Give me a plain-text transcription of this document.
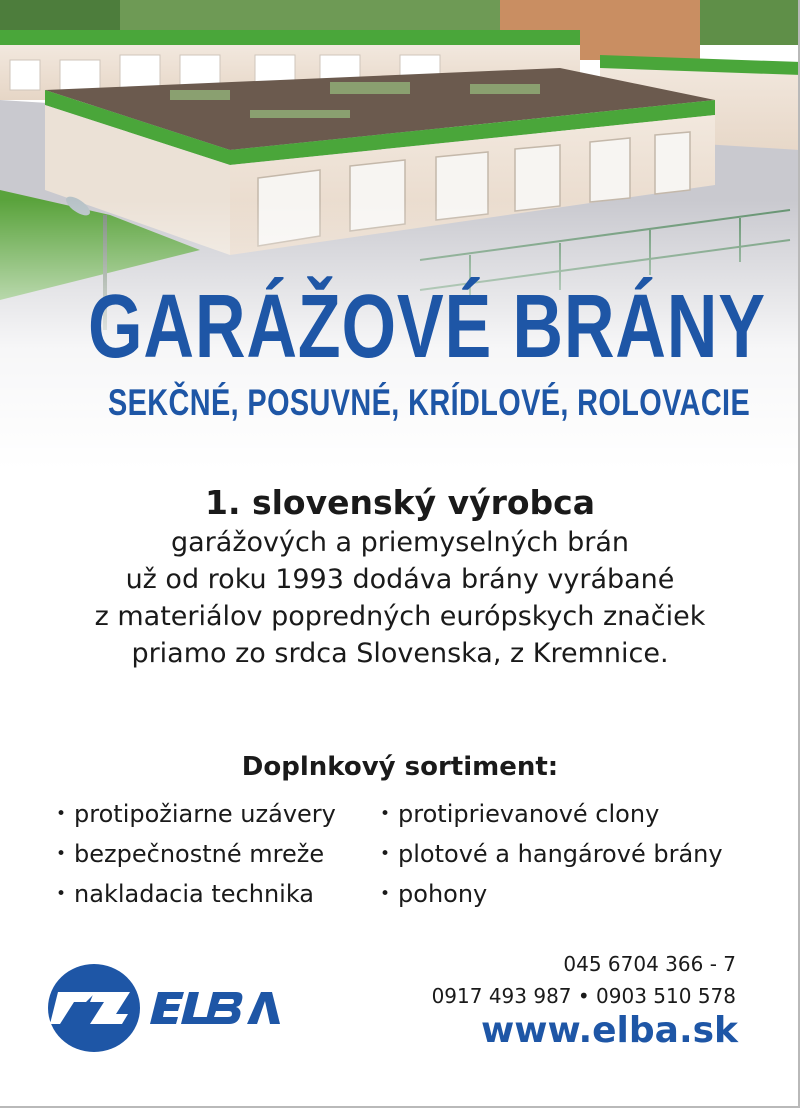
GARÁŽOVÉ BRÁNY
SEKČNÉ, POSUVNÉ, KRÍDLOVÉ, ROLOVACIE
1. slovenský výrobca
garážových a priemyselných brán
už od roku 1993 dodáva brány vyrábané
z materiálov popredných európskych značiek
priamo zo srdca Slovenska, z Kremnice.
Doplnkový sortiment:
• protipožiarne uzávery
• bezpečnostné mreže
• nakladacia technika
• protiprievanové clony
• plotové a hangárové brány
• pohony
045 6704 366 - 7
0917 493 987 • 0903 510 578
www.elba.sk
